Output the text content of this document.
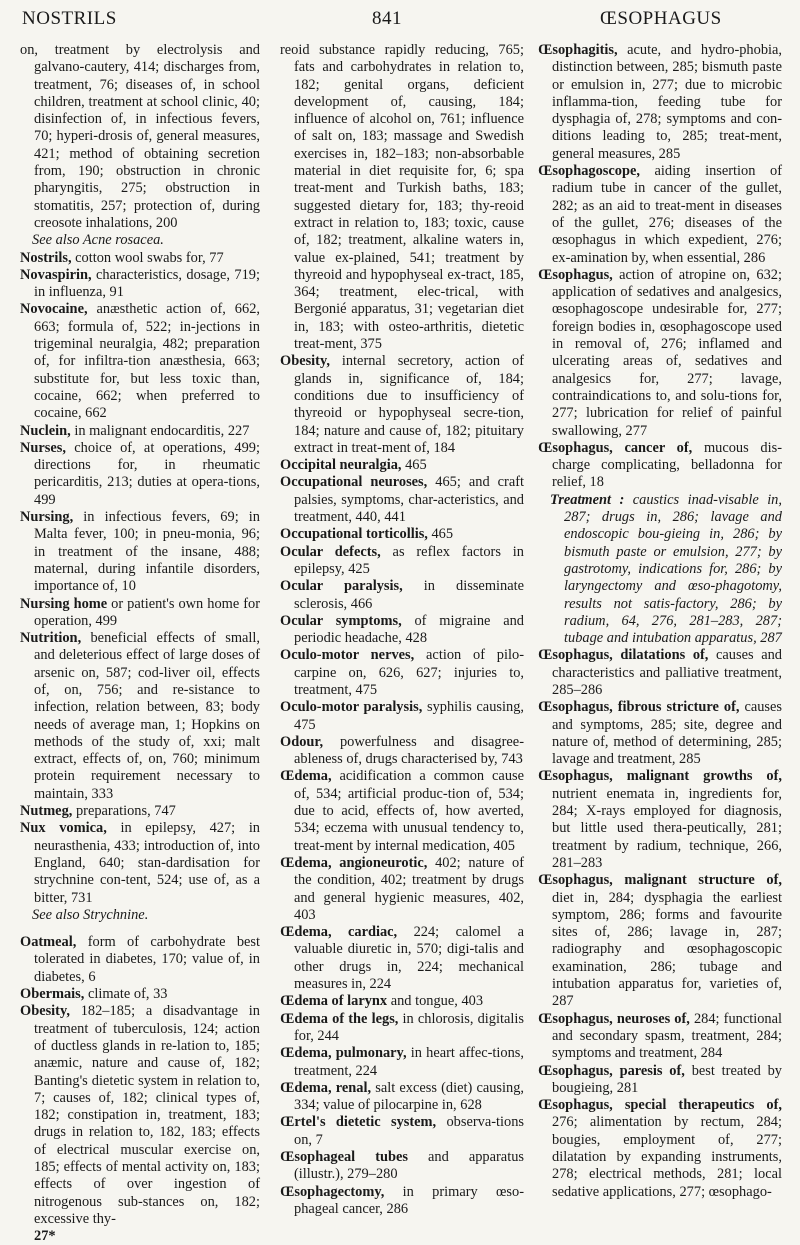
NOSTRILS	841	ŒSOPHAGUS

on, treatment by electrolysis and galvano-cautery, 414; discharges from, treatment, 76; diseases of, in school children, treatment at school clinic, 40; disinfection of, in infectious fevers, 70; hyperi-drosis of, general measures, 421; method of obtaining secretion from, 190; obstruction in chronic pharyngitis, 275; obstruction in stomatitis, 257; protection of, during creosote inhalations, 200

See also Acne rosacea.

Nostrils, cotton wool swabs for, 77

Novaspirin, characteristics, dosage, 719; in influenza, 91

Novocaine, anæsthetic action of, 662, 663; formula of, 522; in-jections in trigeminal neuralgia, 482; preparation of, for infiltra-tion anæsthesia, 663; substitute for, but less toxic than, cocaine, 662; when preferred to cocaine, 662

Nuclein, in malignant endocarditis, 227

Nurses, choice of, at operations, 499; directions for, in rheumatic pericarditis, 213; duties at opera-tions, 499

Nursing, in infectious fevers, 69; in Malta fever, 100; in pneu-monia, 96; in treatment of the insane, 488; maternal, during infantile disorders, importance of, 10

Nursing home or patient's own home for operation, 499

Nutrition, beneficial effects of small, and deleterious effect of large doses of arsenic on, 587; cod-liver oil, effects of, on, 756; and re-sistance to infection, relation between, 83; body needs of average man, 1; Hopkins on methods of the study of, xxi; malt extract, effects of, on, 760; minimum protein requirement necessary to maintain, 333

Nutmeg, preparations, 747

Nux vomica, in epilepsy, 427; in neurasthenia, 433; introduction of, into England, 640; stan-dardisation for strychnine con-tent, 524; use of, as a bitter, 731

See also Strychnine.

Oatmeal, form of carbohydrate best tolerated in diabetes, 170; value of, in diabetes, 6

Obermais, climate of, 33

Obesity, 182–185; a disadvantage in treatment of tuberculosis, 124; action of ductless glands in re-lation to, 185; anæmic, nature and cause of, 182; Banting's dietetic system in relation to, 7; causes of, 182; clinical types of, 182; constipation in, treatment, 183; drugs in relation to, 182, 183; effects of electrical muscular exercise on, 185; effects of mental activity on, 183; effects of over ingestion of nitrogenous sub-stances on, 182; excessive thy-

27*

reoid substance rapidly reducing, 765; fats and carbohydrates in relation to, 182; genital organs, deficient development of, causing, 184; influence of alcohol on, 761; influence of salt on, 183; massage and Swedish exercises in, 182–183; non-absorbable material in diet requisite for, 6; spa treat-ment and Turkish baths, 183; suggested dietary for, 183; thy-reoid extract in relation to, 183; toxic, cause of, 182; treatment, alkaline waters in, value ex-plained, 541; treatment by thyreoid and hypophyseal ex-tract, 185, 364; treatment, elec-trical, with Bergonié apparatus, 31; vegetarian diet in, 183; with osteo-arthritis, dietetic treat-ment, 375

Obesity, internal secretory, action of glands in, significance of, 184; conditions due to insufficiency of thyreoid or hypophyseal secre-tion, 184; nature and cause of, 182; pituitary extract in treat-ment of, 184

Occipital neuralgia, 465

Occupational neuroses, 465; and craft palsies, symptoms, char-acteristics, and treatment, 440, 441

Occupational torticollis, 465

Ocular defects, as reflex factors in epilepsy, 425

Ocular paralysis, in disseminate sclerosis, 466

Ocular symptoms, of migraine and periodic headache, 428

Oculo-motor nerves, action of pilo-carpine on, 626, 627; injuries to, treatment, 475

Oculo-motor paralysis, syphilis causing, 475

Odour, powerfulness and disagree-ableness of, drugs characterised by, 743

Œdema, acidification a common cause of, 534; artificial produc-tion of, 534; due to acid, effects of, how averted, 534; eczema with unusual tendency to, treat-ment by internal medication, 405

Œdema, angioneurotic, 402; nature of the condition, 402; treatment by drugs and general hygienic measures, 402, 403

Œdema, cardiac, 224; calomel a valuable diuretic in, 570; digi-talis and other drugs in, 224; mechanical measures in, 224

Œdema of larynx and tongue, 403

Œdema of the legs, in chlorosis, digitalis for, 244

Œdema, pulmonary, in heart affec-tions, treatment, 224

Œdema, renal, salt excess (diet) causing, 334; value of pilocarpine in, 628

Œrtel's dietetic system, observa-tions on, 7

Œsophageal tubes and apparatus (illustr.), 279–280

Œsophagectomy, in primary œso-phageal cancer, 286

Œsophagitis, acute, and hydro-phobia, distinction between, 285; bismuth paste or emulsion in, 277; due to microbic inflamma-tion, feeding tube for dysphagia of, 278; symptoms and con-ditions leading to, 285; treat-ment, general measures, 285

Œsophagoscope, aiding insertion of radium tube in cancer of the gullet, 282; as an aid to treat-ment in diseases of the gullet, 276; diseases of the œsophagus in which expedient, 276; ex-amination by, when essential, 286

Œsophagus, action of atropine on, 632; application of sedatives and analgesics, œsophagoscope undesirable for, 277; foreign bodies in, œsophagoscope used in removal of, 276; inflamed and ulcerating areas of, sedatives and analgesics for, 277; lavage, contraindications to, and solu-tions for, 277; lubrication for relief of painful swallowing, 277

Œsophagus, cancer of, mucous dis-charge complicating, belladonna for relief, 18

Treatment : caustics inad-visable in, 287; drugs in, 286; lavage and endoscopic bou-gieing in, 286; by bismuth paste or emulsion, 277; by gastrotomy, indications for, 286; by laryngectomy and œso-phagotomy, results not satis-factory, 286; by radium, 64, 276, 281–283, 287; tubage and intubation apparatus, 287

Œsophagus, dilatations of, causes and characteristics and palliative treatment, 285–286

Œsophagus, fibrous stricture of, causes and symptoms, 285; site, degree and nature of, method of determining, 285; lavage and treatment, 285

Œsophagus, malignant growths of, nutrient enemata in, ingredients for, 284; X-rays employed for diagnosis, but little used thera-peutically, 281; treatment by radium, technique, 266, 281–283

Œsophagus, malignant structure of, diet in, 284; dysphagia the earliest symptom, 286; forms and favourite sites of, 286; lavage in, 287; radiography and œsophagoscopic examination, 286; tubage and intubation apparatus for, varieties of, 287

Œsophagus, neuroses of, 284; functional and secondary spasm, treatment, 284; symptoms and treatment, 284

Œsophagus, paresis of, best treated by bougieing, 281

Œsophagus, special therapeutics of, 276; alimentation by rectum, 284; bougies, employment of, 277; dilatation by expanding instruments, 278; electrical methods, 281; local sedative applications, 277; œsophago-
